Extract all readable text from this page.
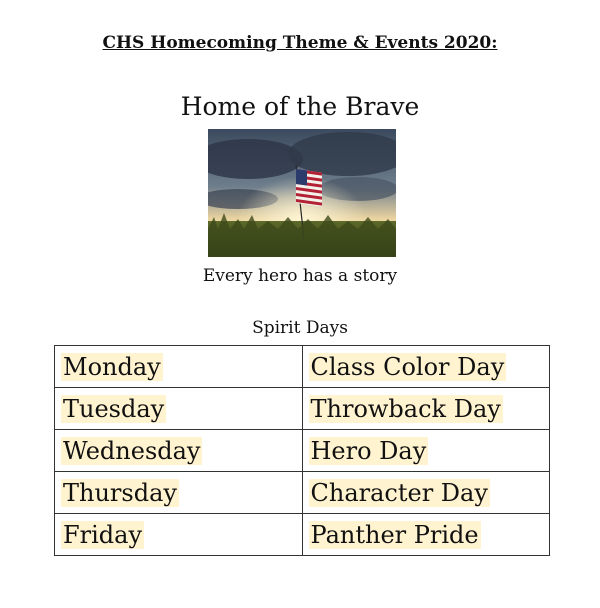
CHS Homecoming Theme & Events 2020:
Home of the Brave
Every hero has a story
Spirit Days
Monday	Class Color Day
Tuesday	Throwback Day
Wednesday	Hero Day
Thursday	Character Day
Friday	Panther Pride
